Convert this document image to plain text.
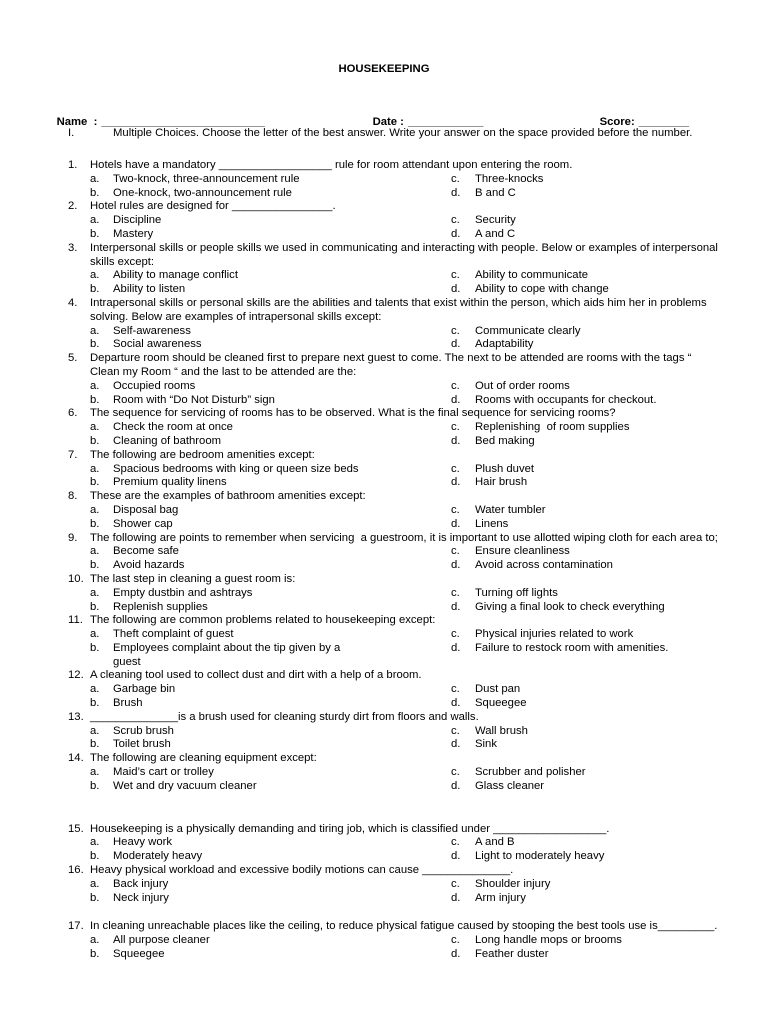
HOUSEKEEPING

Name  : __________________________
	Date : ____________
	Score: ________

I.

	Multiple Choices. Choose the letter of the best answer. Write your answer on the space provided before the number.

1.	Hotels have a mandatory __________________ rule for room attendant upon entering the room.
a.	Two-knock, three-announcement rule
b.	One-knock, two-announcement rule
c.	Three-knocks
d.	B and C
2.	Hotel rules are designed for ________________.
a.	Discipline
b.	Mastery
c.	Security
d.	A and C
3.	Interpersonal skills or people skills we used in communicating and interacting with people. Below or examples of interpersonal
skills except:
a.	Ability to manage conflict
b.	Ability to listen
c.	Ability to communicate
d.	Ability to cope with change
4.	Intrapersonal skills or personal skills are the abilities and talents that exist within the person, which aids him her in problems
solving. Below are examples of intrapersonal skills except:
a.	Self-awareness
b.	Social awareness
c.	Communicate clearly
d.	Adaptability
5.	Departure room should be cleaned first to prepare next guest to come. The next to be attended are rooms with the tags “
Clean my Room “ and the last to be attended are the:
a.	Occupied rooms
b.	Room with “Do Not Disturb” sign
c.	Out of order rooms
d.	Rooms with occupants for checkout.
6.	The sequence for servicing of rooms has to be observed. What is the final sequence for servicing rooms?
a.	Check the room at once
b.	Cleaning of bathroom
c.	Replenishing  of room supplies
d.	Bed making
7.	The following are bedroom amenities except:
a.	Spacious bedrooms with king or queen size beds
b.	Premium quality linens
c.	Plush duvet
d.	Hair brush
8.	These are the examples of bathroom amenities except:
a.	Disposal bag
b.	Shower cap
c.	Water tumbler
d.	Linens
9.	The following are points to remember when servicing  a guestroom, it is important to use allotted wiping cloth for each area to;
a.	Become safe
b.	Avoid hazards
c.	Ensure cleanliness
d.	Avoid across contamination
10. The last step in cleaning a guest room is:
a.	Empty dustbin and ashtrays
b.	Replenish supplies
c.	Turning off lights
d.	Giving a final look to check everything
11. The following are common problems related to housekeeping except:
a.	Theft complaint of guest
b.	Employees complaint about the tip given by a
guest
c.	Physical injuries related to work
d.	Failure to restock room with amenities.
12. A cleaning tool used to collect dust and dirt with a help of a broom.
a.	Garbage bin
b.	Brush
c.	Dust pan
d.	Squeegee
13. ______________is a brush used for cleaning sturdy dirt from floors and walls.
a.	Scrub brush
b.	Toilet brush
c.	Wall brush
d.	Sink
14. The following are cleaning equipment except:
a.	Maid’s cart or trolley
b.	Wet and dry vacuum cleaner
c.	Scrubber and polisher
d.	Glass cleaner
15. Housekeeping is a physically demanding and tiring job, which is classified under __________________.
a.	Heavy work
b.	Moderately heavy
c.	A and B
d.	Light to moderately heavy
16. Heavy physical workload and excessive bodily motions can cause ______________.
a.	Back injury
b.	Neck injury
c.	Shoulder injury
d.	Arm injury
17. In cleaning unreachable places like the ceiling, to reduce physical fatigue caused by stooping the best tools use is_________.
a.	All purpose cleaner
b.	Squeegee
c.	Long handle mops or brooms
d.	Feather duster
